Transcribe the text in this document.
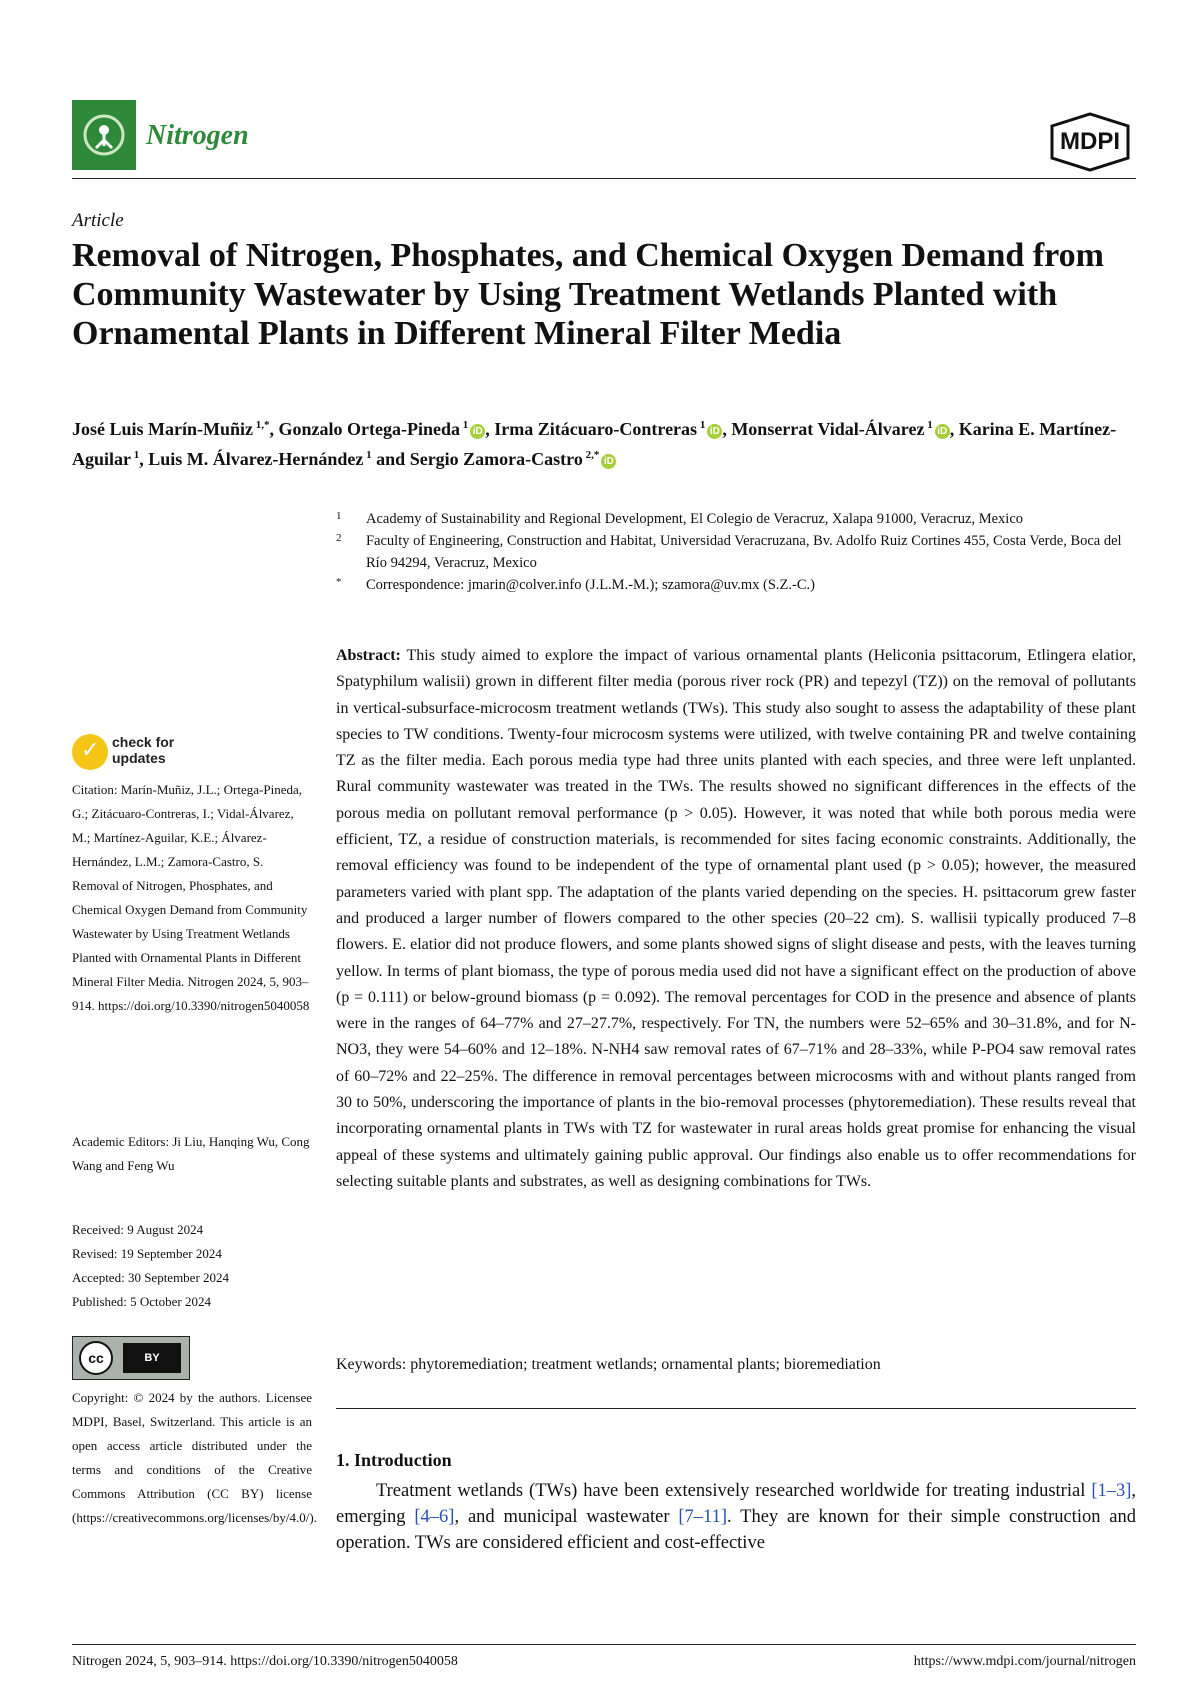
Nitrogen	MDPI
Article
Removal of Nitrogen, Phosphates, and Chemical Oxygen Demand from Community Wastewater by Using Treatment Wetlands Planted with Ornamental Plants in Different Mineral Filter Media
José Luis Marín-Muñiz $^{1,*}$, Gonzalo Ortega-Pineda $^1$iD , Irma Zitácuaro-Contreras $^1$iD , Monserrat Vidal-Álvarez $^1$iD , Karina E. Martínez-Aguilar $^1$, Luis M. Álvarez-Hernández $^1$ and Sergio Zamora-Castro $^{2,*}$iD
1 Academy of Sustainability and Regional Development, El Colegio de Veracruz, Xalapa 91000, Veracruz, Mexico
2 Faculty of Engineering, Construction and Habitat, Universidad Veracruzana, Bv. Adolfo Ruiz Cortines 455, Costa Verde, Boca del Río 94294, Veracruz, Mexico
* Correspondence: jmarin@colver.info (J.L.M.-M.); szamora@uv.mx (S.Z.-C.)

Abstract: This study aimed to explore the impact of various ornamental plants (Heliconia psittacorum, Etlingera elatior, Spatyphilum walisii) grown in different filter media (porous river rock (PR) and tepezyl (TZ)) on the removal of pollutants in vertical-subsurface-microcosm treatment wetlands (TWs). This study also sought to assess the adaptability of these plant species to TW conditions. Twenty-four microcosm systems were utilized, with twelve containing PR and twelve containing TZ as the filter media. Each porous media type had three units planted with each species, and three were left unplanted. Rural community wastewater was treated in the TWs. The results showed no significant differences in the effects of the porous media on pollutant removal performance (p > 0.05). However, it was noted that while both porous media were efficient, TZ, a residue of construction materials, is recommended for sites facing economic constraints. Additionally, the removal efficiency was found to be independent of the type of ornamental plant used (p > 0.05); however, the measured parameters varied with plant spp. The adaptation of the plants varied depending on the species. H. psittacorum grew faster and produced a larger number of flowers compared to the other species (20–22 cm). S. wallisii typically produced 7–8 flowers. E. elatior did not produce flowers, and some plants showed signs of slight disease and pests, with the leaves turning yellow. In terms of plant biomass, the type of porous media used did not have a significant effect on the production of above (p = 0.111) or below-ground biomass (p = 0.092). The removal percentages for COD in the presence and absence of plants were in the ranges of 64–77% and 27–27.7%, respectively. For TN, the numbers were 52–65% and 30–31.8%, and for N-NO3, they were 54–60% and 12–18%. N-NH4 saw removal rates of 67–71% and 28–33%, while P-PO4 saw removal rates of 60–72% and 22–25%. The difference in removal percentages between microcosms with and without plants ranged from 30 to 50%, underscoring the importance of plants in the bio-removal processes (phytoremediation). These results reveal that incorporating ornamental plants in TWs with TZ for wastewater in rural areas holds great promise for enhancing the visual appeal of these systems and ultimately gaining public approval. Our findings also enable us to offer recommendations for selecting suitable plants and substrates, as well as designing combinations for TWs.

Keywords: phytoremediation; treatment wetlands; ornamental plants; bioremediation

1. Introduction

Treatment wetlands (TWs) have been extensively researched worldwide for treating industrial [1–3], emerging [4–6], and municipal wastewater [7–11]. They are known for their simple construction and operation. TWs are considered efficient and cost-effective

✓ check for updates
Citation: Marín-Muñiz, J.L.; Ortega-Pineda, G.; Zitácuaro-Contreras, I.; Vidal-Álvarez, M.; Martínez-Aguilar, K.E.; Álvarez-Hernández, L.M.; Zamora-Castro, S. Removal of Nitrogen, Phosphates, and Chemical Oxygen Demand from Community Wastewater by Using Treatment Wetlands Planted with Ornamental Plants in Different Mineral Filter Media. Nitrogen 2024, 5, 903–914. https://doi.org/10.3390/nitrogen5040058
Academic Editors: Ji Liu, Hanqing Wu, Cong Wang and Feng Wu
Received: 9 August 2024
Revised: 19 September 2024
Accepted: 30 September 2024
Published: 5 October 2024
cc	BY
Copyright: © 2024 by the authors. Licensee MDPI, Basel, Switzerland. This article is an open access article distributed under the terms and conditions of the Creative Commons Attribution (CC BY) license (https://creativecommons.org/licenses/by/4.0/).
Nitrogen 2024, 5, 903–914. https://doi.org/10.3390/nitrogen5040058	https://www.mdpi.com/journal/nitrogen
